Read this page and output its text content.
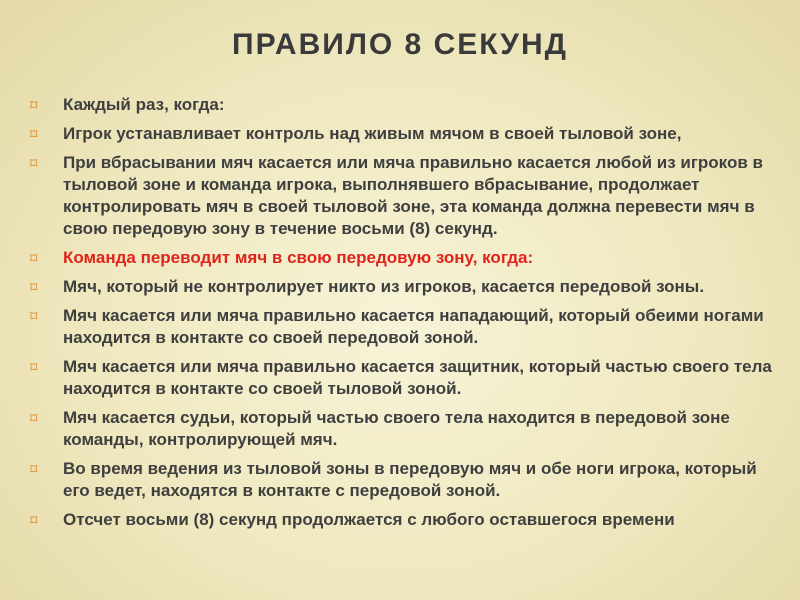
ПРАВИЛО 8 СЕКУНД
⌑ Каждый раз, когда:
⌑ Игрок устанавливает контроль над живым мячом в своей тыловой зоне,
⌑ При вбрасывании мяч касается или мяча правильно касается любой из игроков в тыловой зоне и команда игрока, выполнявшего вбрасывание, продолжает контролировать мяч в своей тыловой зоне, эта команда должна перевести мяч в свою передовую зону в течение восьми (8) секунд.
⌑ Команда переводит мяч в свою передовую зону, когда:
⌑ Мяч, который не контролирует никто из игроков, касается передовой зоны.
⌑ Мяч касается или мяча правильно касается нападающий, который обеими ногами находится в контакте со своей передовой зоной.
⌑ Мяч касается или мяча правильно касается защитник, который частью своего тела находится в контакте со своей тыловой зоной.
⌑ Мяч касается судьи, который частью своего тела находится в передовой зоне команды, контролирующей мяч.
⌑ Во время ведения из тыловой зоны в передовую мяч и обе ноги игрока, который его ведет, находятся в контакте с передовой зоной.
⌑ Отсчет восьми (8) секунд продолжается с любого оставшегося времени
